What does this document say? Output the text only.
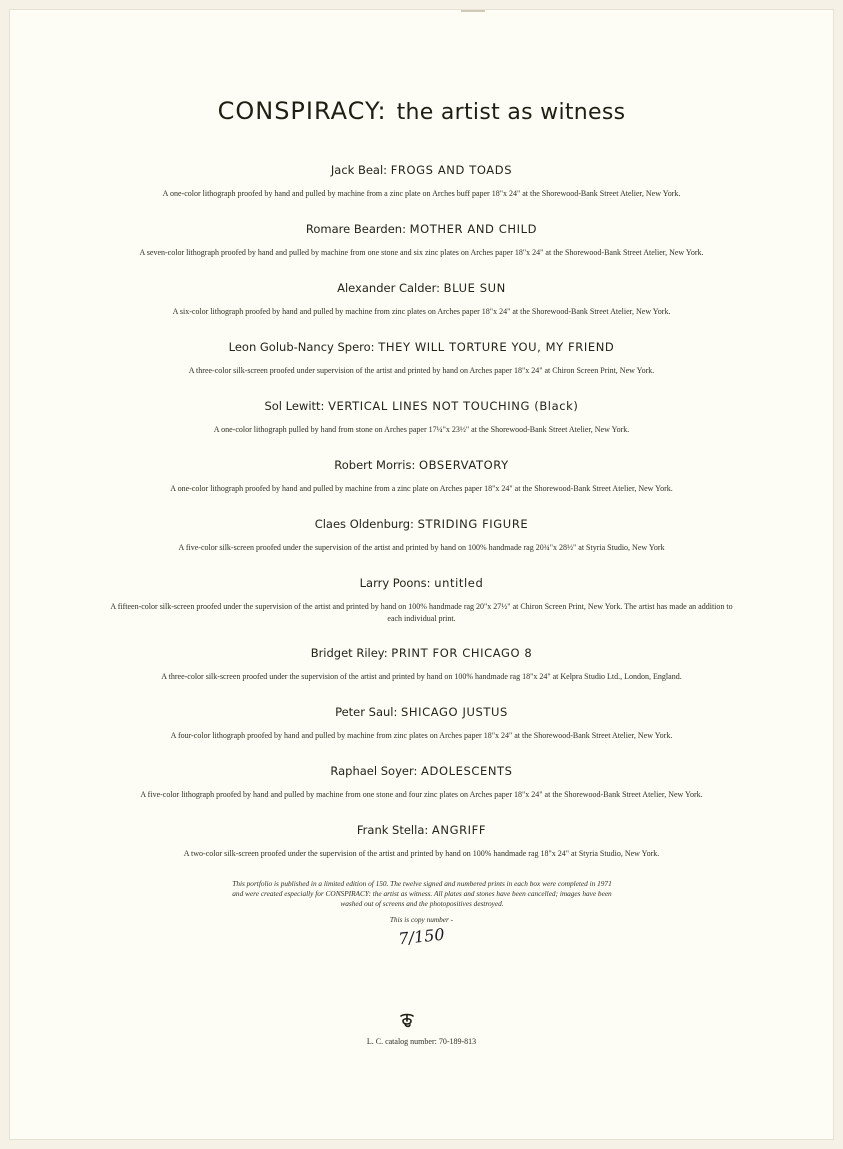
CONSPIRACY: the artist as witness

Jack Beal: FROGS AND TOADS

A one-color lithograph proofed by hand and pulled by machine from a zinc plate on Arches buff paper 18"x 24" at the Shorewood-Bank Street Atelier, New York.

Romare Bearden: MOTHER AND CHILD

A seven-color lithograph proofed by hand and pulled by machine from one stone and six zinc plates on Arches paper 18"x 24" at the Shorewood-Bank Street Atelier, New York.

Alexander Calder: BLUE SUN

A six-color lithograph proofed by hand and pulled by machine from zinc plates on Arches paper 18"x 24" at the Shorewood-Bank Street Atelier, New York.

Leon Golub-Nancy Spero: THEY WILL TORTURE YOU, MY FRIEND

A three-color silk-screen proofed under supervision of the artist and printed by hand on Arches paper 18"x 24" at Chiron Screen Print, New York.

Sol Lewitt: VERTICAL LINES NOT TOUCHING (Black)

A one-color lithograph pulled by hand from stone on Arches paper 17¼"x 23½" at the Shorewood-Bank Street Atelier, New York.

Robert Morris: OBSERVATORY

A one-color lithograph proofed by hand and pulled by machine from a zinc plate on Arches paper 18"x 24" at the Shorewood-Bank Street Atelier, New York.

Claes Oldenburg: STRIDING FIGURE

A five-color silk-screen proofed under the supervision of the artist and printed by hand on 100% handmade rag 20¾"x 28½" at Styria Studio, New York

Larry Poons: untitled

A fifteen-color silk-screen proofed under the supervision of the artist and printed by hand on 100% handmade rag 20"x 27½" at Chiron Screen Print, New York. The artist has made an addition to each individual print.

Bridget Riley: PRINT FOR CHICAGO 8

A three-color silk-screen proofed under the supervision of the artist and printed by hand on 100% handmade rag 18"x 24" at Kelpra Studio Ltd., London, England.

Peter Saul: SHICAGO JUSTUS

A four-color lithograph proofed by hand and pulled by machine from zinc plates on Arches paper 18"x 24" at the Shorewood-Bank Street Atelier, New York.

Raphael Soyer: ADOLESCENTS

A five-color lithograph proofed by hand and pulled by machine from one stone and four zinc plates on Arches paper 18"x 24" at the Shorewood-Bank Street Atelier, New York.

Frank Stella: ANGRIFF

A two-color silk-screen proofed under the supervision of the artist and printed by hand on 100% handmade rag 18"x 24" at Styria Studio, New York.

This portfolio is published in a limited edition of 150. The twelve signed and numbered prints in each box were completed in 1971 and were created especially for CONSPIRACY: the artist as witness. All plates and stones have been cancelled; images have been washed out of screens and the photopositives destroyed.
This is copy number -
7/150
L. C. catalog number: 70-189-813
